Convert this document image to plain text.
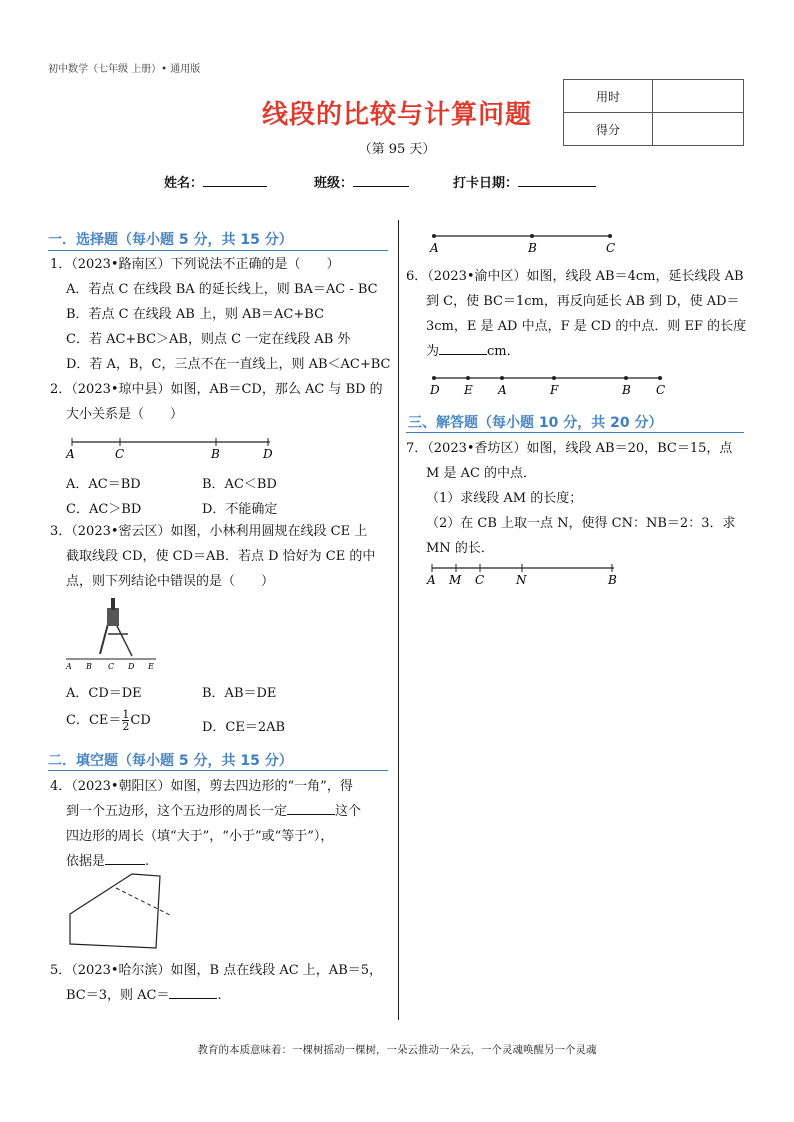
初中数学（七年级 上册）• 通用版
线段的比较与计算问题
（第 95 天）
用时	
得分	
姓名：	班级：	打卡日期：
一．选择题（每小题 5 分，共 15 分）
1．（2023•路南区）下列说法不正确的是（　　）
A．若点 C 在线段 BA 的延长线上，则 BA＝AC - BC
B．若点 C 在线段 AB 上，则 AB＝AC+BC
C．若 AC+BC＞AB，则点 C 一定在线段 AB 外
D．若 A，B，C，三点不在一直线上，则 AB＜AC+BC
2．（2023•琼中县）如图，AB＝CD，那么 AC 与 BD 的
大小关系是（　　）
A	C	B	D
A．AC＝BD	B．AC＜BD
C．AC＞BD	D．不能确定
3．（2023•密云区）如图，小林利用圆规在线段 CE 上
截取线段 CD，使 CD＝AB．若点 D 恰好为 CE 的中
点，则下列结论中错误的是（　　）
A B C D E
A．CD＝DE	B．AB＝DE
C．$CE= \frac{1}{2}$ CD	D．CE＝2AB
二．填空题（每小题 5 分，共 15 分）
4．（2023•朝阳区）如图，剪去四边形的“一角”，得
到一个五边形，这个五边形的周长一定	这个
四边形的周长（填“大于”，“小于”或“等于”），
依据是	.
5．（2023•哈尔滨）如图，B 点在线段 AC 上，AB＝5，
BC＝3，则 AC＝	.
A	B	C
6．（2023•渝中区）如图，线段 AB＝4cm，延长线段 AB
到 C，使 BC＝1cm，再反向延长 AB 到 D，使 AD＝
3cm，E 是 AD 中点，F 是 CD 的中点．则 EF 的长度
为	cm．
D E A	F	B C
三、解答题（每小题 10 分，共 20 分）
7．（2023•香坊区）如图，线段 AB＝20，BC＝15，点
M 是 AC 的中点．
（1）求线段 AM 的长度；
（2）在 CB 上取一点 N，使得 CN：NB＝2：3．求
MN 的长．
A M C	N	B
教育的本质意味着：一棵树摇动一棵树，一朵云推动一朵云，一个灵魂唤醒另一个灵魂
